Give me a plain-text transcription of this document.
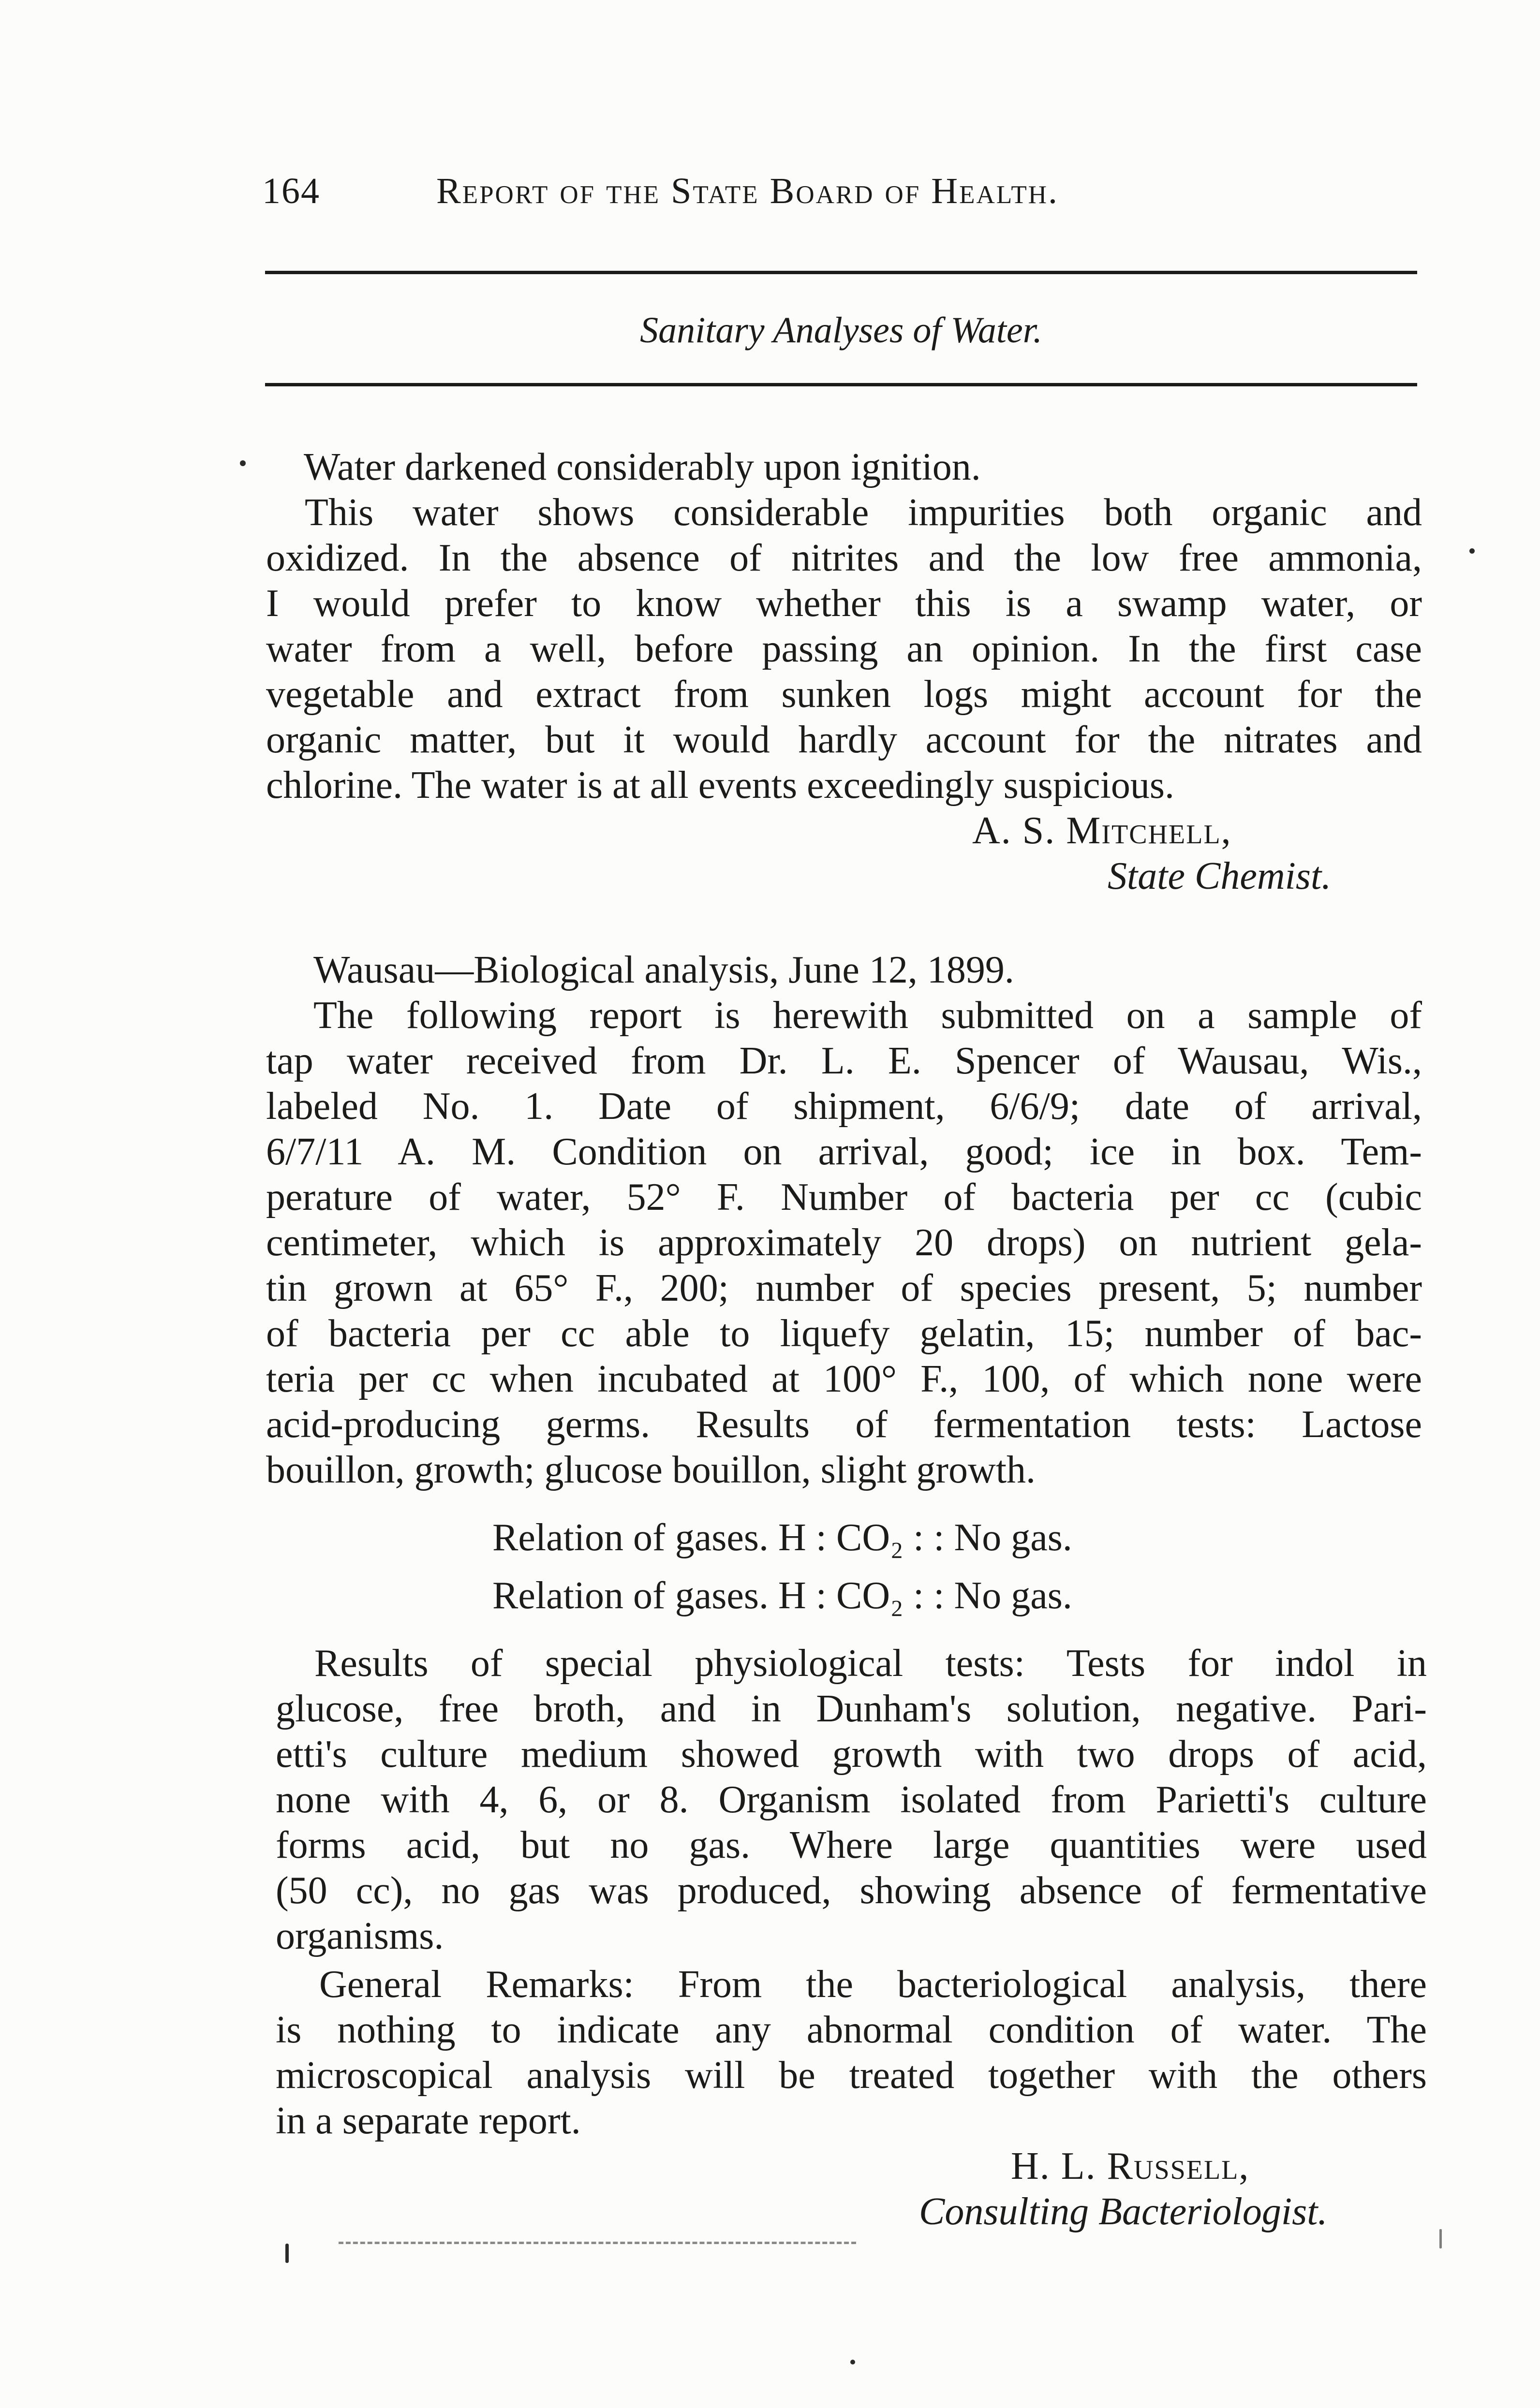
164	Report of the State Board of Health.
Sanitary Analyses of Water.
Water darkened considerably upon ignition.
This water shows considerable impurities both organic and
oxidized. In the absence of nitrites and the low free ammonia,
I would prefer to know whether this is a swamp water, or
water from a well, before passing an opinion. In the first case
vegetable and extract from sunken logs might account for the
organic matter, but it would hardly account for the nitrates and
chlorine. The water is at all events exceedingly suspicious.
A. S. Mitchell,
State Chemist.
Wausau—Biological analysis, June 12, 1899.
The following report is herewith submitted on a sample of
tap water received from Dr. L. E. Spencer of Wausau, Wis.,
labeled No. 1. Date of shipment, 6/6/9; date of arrival,
6/7/11 A. M. Condition on arrival, good; ice in box. Tem-
perature of water, 52° F. Number of bacteria per cc (cubic
centimeter, which is approximately 20 drops) on nutrient gela-
tin grown at 65° F., 200; number of species present, 5; number
of bacteria per cc able to liquefy gelatin, 15; number of bac-
teria per cc when incubated at 100° F., 100, of which none were
acid-producing germs. Results of fermentation tests: Lactose
bouillon, growth; glucose bouillon, slight growth.
Relation of gases. H : CO₂ : : No gas.
Relation of gases. H : CO₂ : : No gas.
Results of special physiological tests: Tests for indol in
glucose, free broth, and in Dunham's solution, negative. Pari-
etti's culture medium showed growth with two drops of acid,
none with 4, 6, or 8. Organism isolated from Parietti's culture
forms acid, but no gas. Where large quantities were used
(50 cc), no gas was produced, showing absence of fermentative
organisms.
General Remarks: From the bacteriological analysis, there
is nothing to indicate any abnormal condition of water. The
microscopical analysis will be treated together with the others
in a separate report.
H. L. Russell,
Consulting Bacteriologist.
